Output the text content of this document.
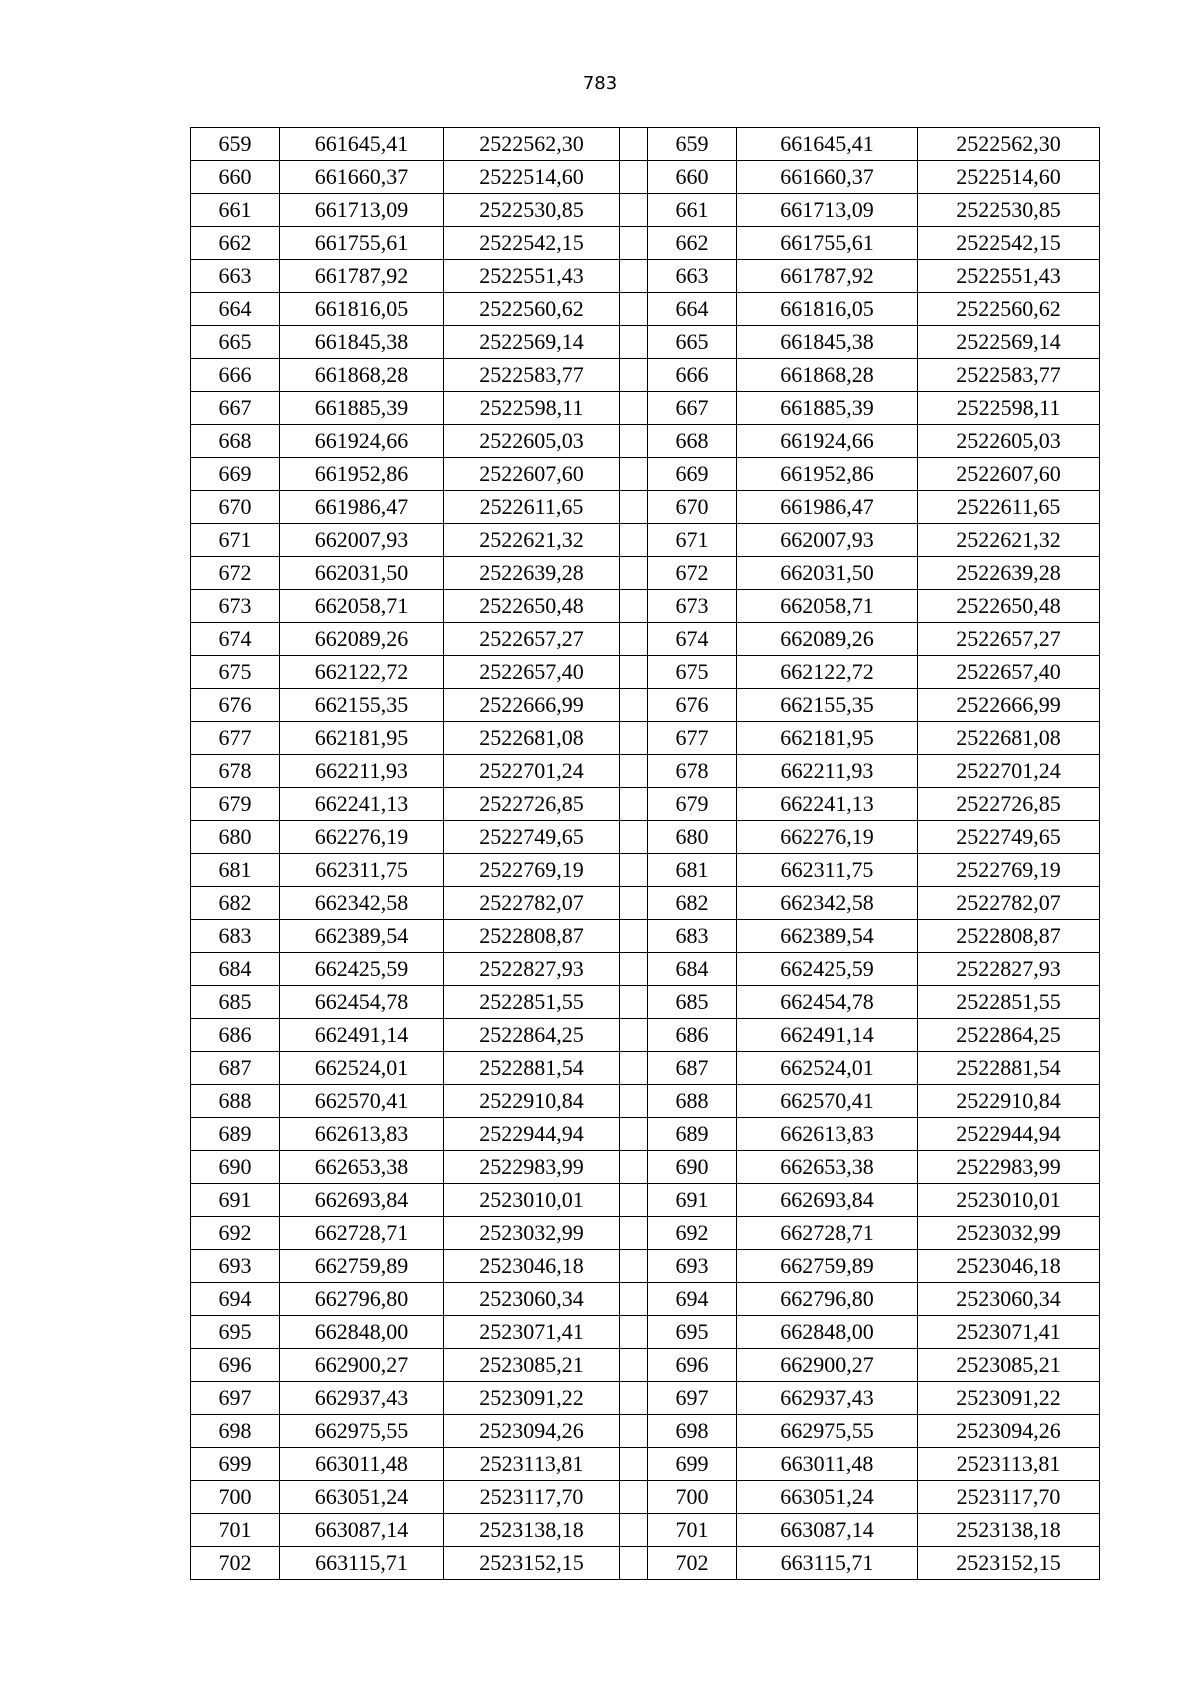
783
659	661645,41	2522562,30		659	661645,41	2522562,30
660	661660,37	2522514,60		660	661660,37	2522514,60
661	661713,09	2522530,85		661	661713,09	2522530,85
662	661755,61	2522542,15		662	661755,61	2522542,15
663	661787,92	2522551,43		663	661787,92	2522551,43
664	661816,05	2522560,62		664	661816,05	2522560,62
665	661845,38	2522569,14		665	661845,38	2522569,14
666	661868,28	2522583,77		666	661868,28	2522583,77
667	661885,39	2522598,11		667	661885,39	2522598,11
668	661924,66	2522605,03		668	661924,66	2522605,03
669	661952,86	2522607,60		669	661952,86	2522607,60
670	661986,47	2522611,65		670	661986,47	2522611,65
671	662007,93	2522621,32		671	662007,93	2522621,32
672	662031,50	2522639,28		672	662031,50	2522639,28
673	662058,71	2522650,48		673	662058,71	2522650,48
674	662089,26	2522657,27		674	662089,26	2522657,27
675	662122,72	2522657,40		675	662122,72	2522657,40
676	662155,35	2522666,99		676	662155,35	2522666,99
677	662181,95	2522681,08		677	662181,95	2522681,08
678	662211,93	2522701,24		678	662211,93	2522701,24
679	662241,13	2522726,85		679	662241,13	2522726,85
680	662276,19	2522749,65		680	662276,19	2522749,65
681	662311,75	2522769,19		681	662311,75	2522769,19
682	662342,58	2522782,07		682	662342,58	2522782,07
683	662389,54	2522808,87		683	662389,54	2522808,87
684	662425,59	2522827,93		684	662425,59	2522827,93
685	662454,78	2522851,55		685	662454,78	2522851,55
686	662491,14	2522864,25		686	662491,14	2522864,25
687	662524,01	2522881,54		687	662524,01	2522881,54
688	662570,41	2522910,84		688	662570,41	2522910,84
689	662613,83	2522944,94		689	662613,83	2522944,94
690	662653,38	2522983,99		690	662653,38	2522983,99
691	662693,84	2523010,01		691	662693,84	2523010,01
692	662728,71	2523032,99		692	662728,71	2523032,99
693	662759,89	2523046,18		693	662759,89	2523046,18
694	662796,80	2523060,34		694	662796,80	2523060,34
695	662848,00	2523071,41		695	662848,00	2523071,41
696	662900,27	2523085,21		696	662900,27	2523085,21
697	662937,43	2523091,22		697	662937,43	2523091,22
698	662975,55	2523094,26		698	662975,55	2523094,26
699	663011,48	2523113,81		699	663011,48	2523113,81
700	663051,24	2523117,70		700	663051,24	2523117,70
701	663087,14	2523138,18		701	663087,14	2523138,18
702	663115,71	2523152,15		702	663115,71	2523152,15
